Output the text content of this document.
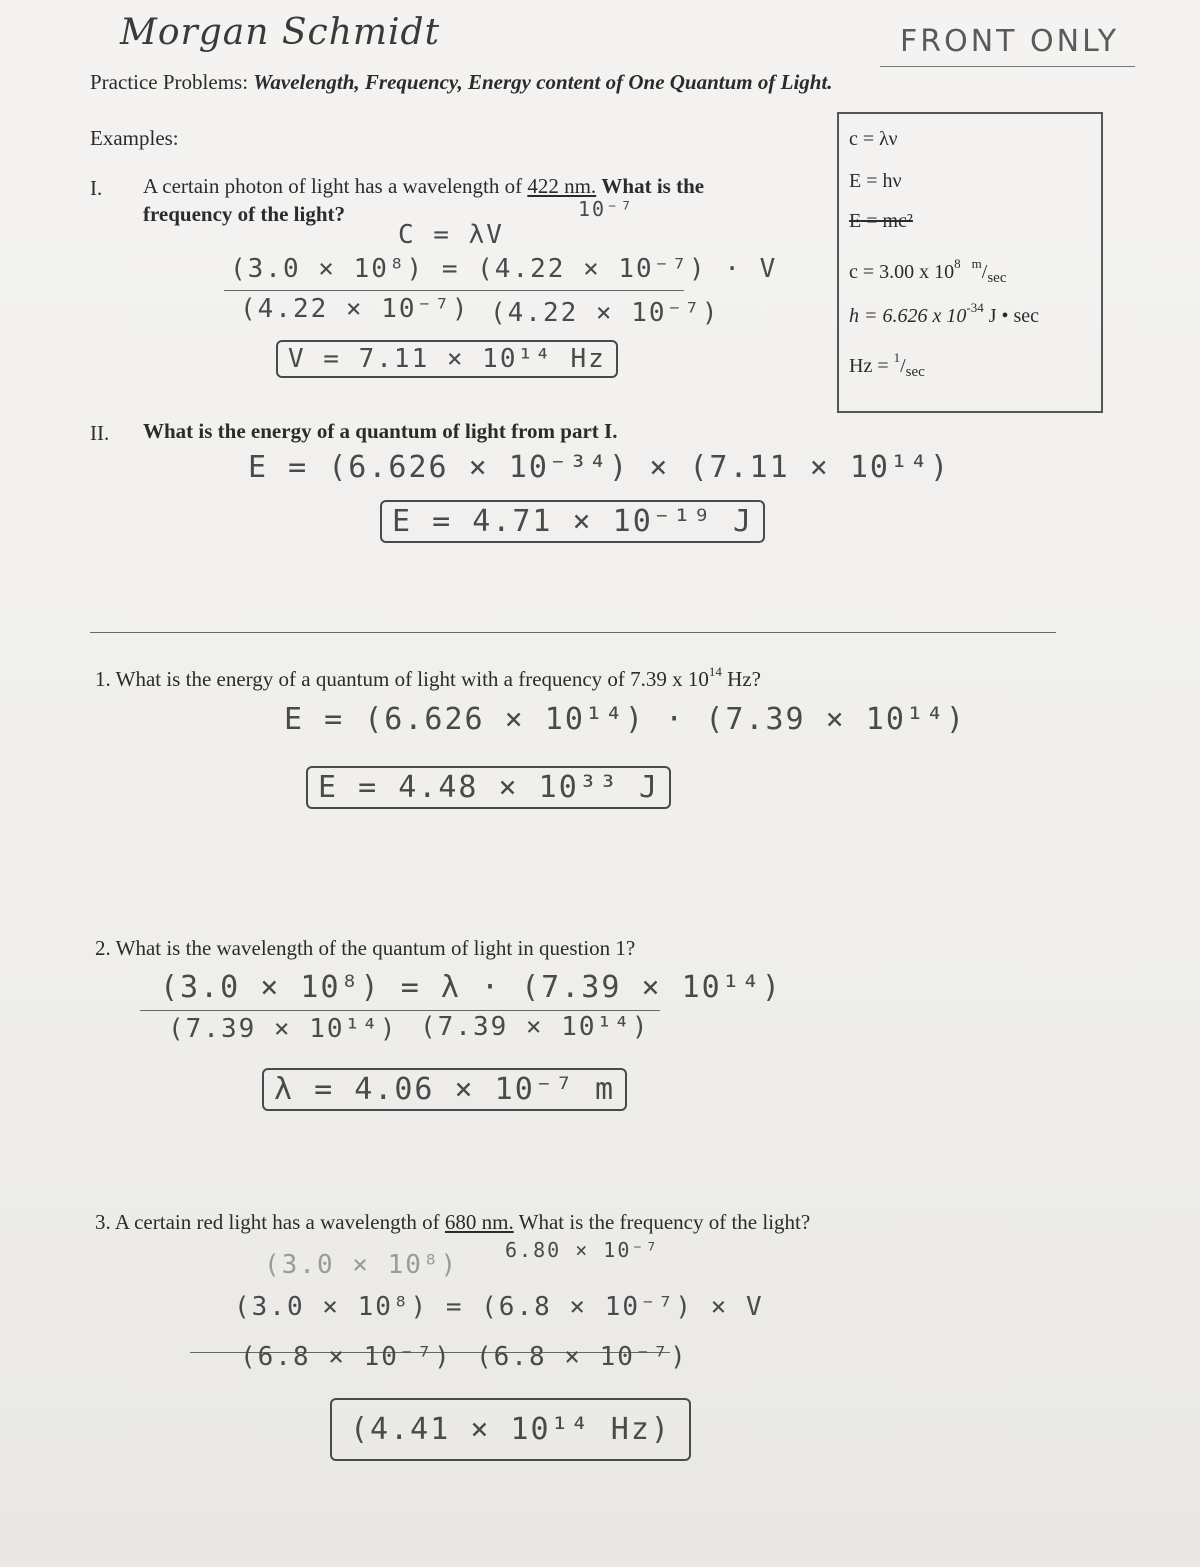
Morgan Schmidt	FRONT ONLY
Practice Problems: Wavelength, Frequency, Energy content of One Quantum of Light.
Examples:	c = λν
E = hν
E = mc²
c = 3.00 x $10^8$ $^m/_{sec}$
h = 6.626 x $10^{-34}$ J • sec
$Hz = ^1/_{sec}$
I. A certain photon of light has a wavelength of 422 nm. What is the
frequency of the light?	10⁻⁷
C = λV
(3.0 × 10⁸) = (4.22 × 10⁻⁷) · V
(4.22 × 10⁻⁷) (4.22 × 10⁻⁷)
V = 7.11 × 10¹⁴ Hz
II. What is the energy of a quantum of light from part I.
E = (6.626 × 10⁻³⁴) × (7.11 × 10¹⁴)
E = 4.71 × 10⁻¹⁹ J
1. What is the energy of a quantum of light with a frequency of 7.39 x $10^{14}$ Hz?
E = (6.626 × 10¹⁴) · (7.39 × 10¹⁴)
E = 4.48 × 10³³ J
2. What is the wavelength of the quantum of light in question 1?
(3.0 × 10⁸) = λ · (7.39 × 10¹⁴)
(7.39 × 10¹⁴) (7.39 × 10¹⁴)
λ = 4.06 × 10⁻⁷ m
3. A certain red light has a wavelength of 680 nm. What is the frequency of the light?
6.80 × 10⁻⁷
(3.0 × 10⁸)
(3.0 × 10⁸) = (6.8 × 10⁻⁷) × V
(6.8 × 10⁻⁷) (6.8 × 10⁻⁷)
(4.41 × 10¹⁴ Hz)
